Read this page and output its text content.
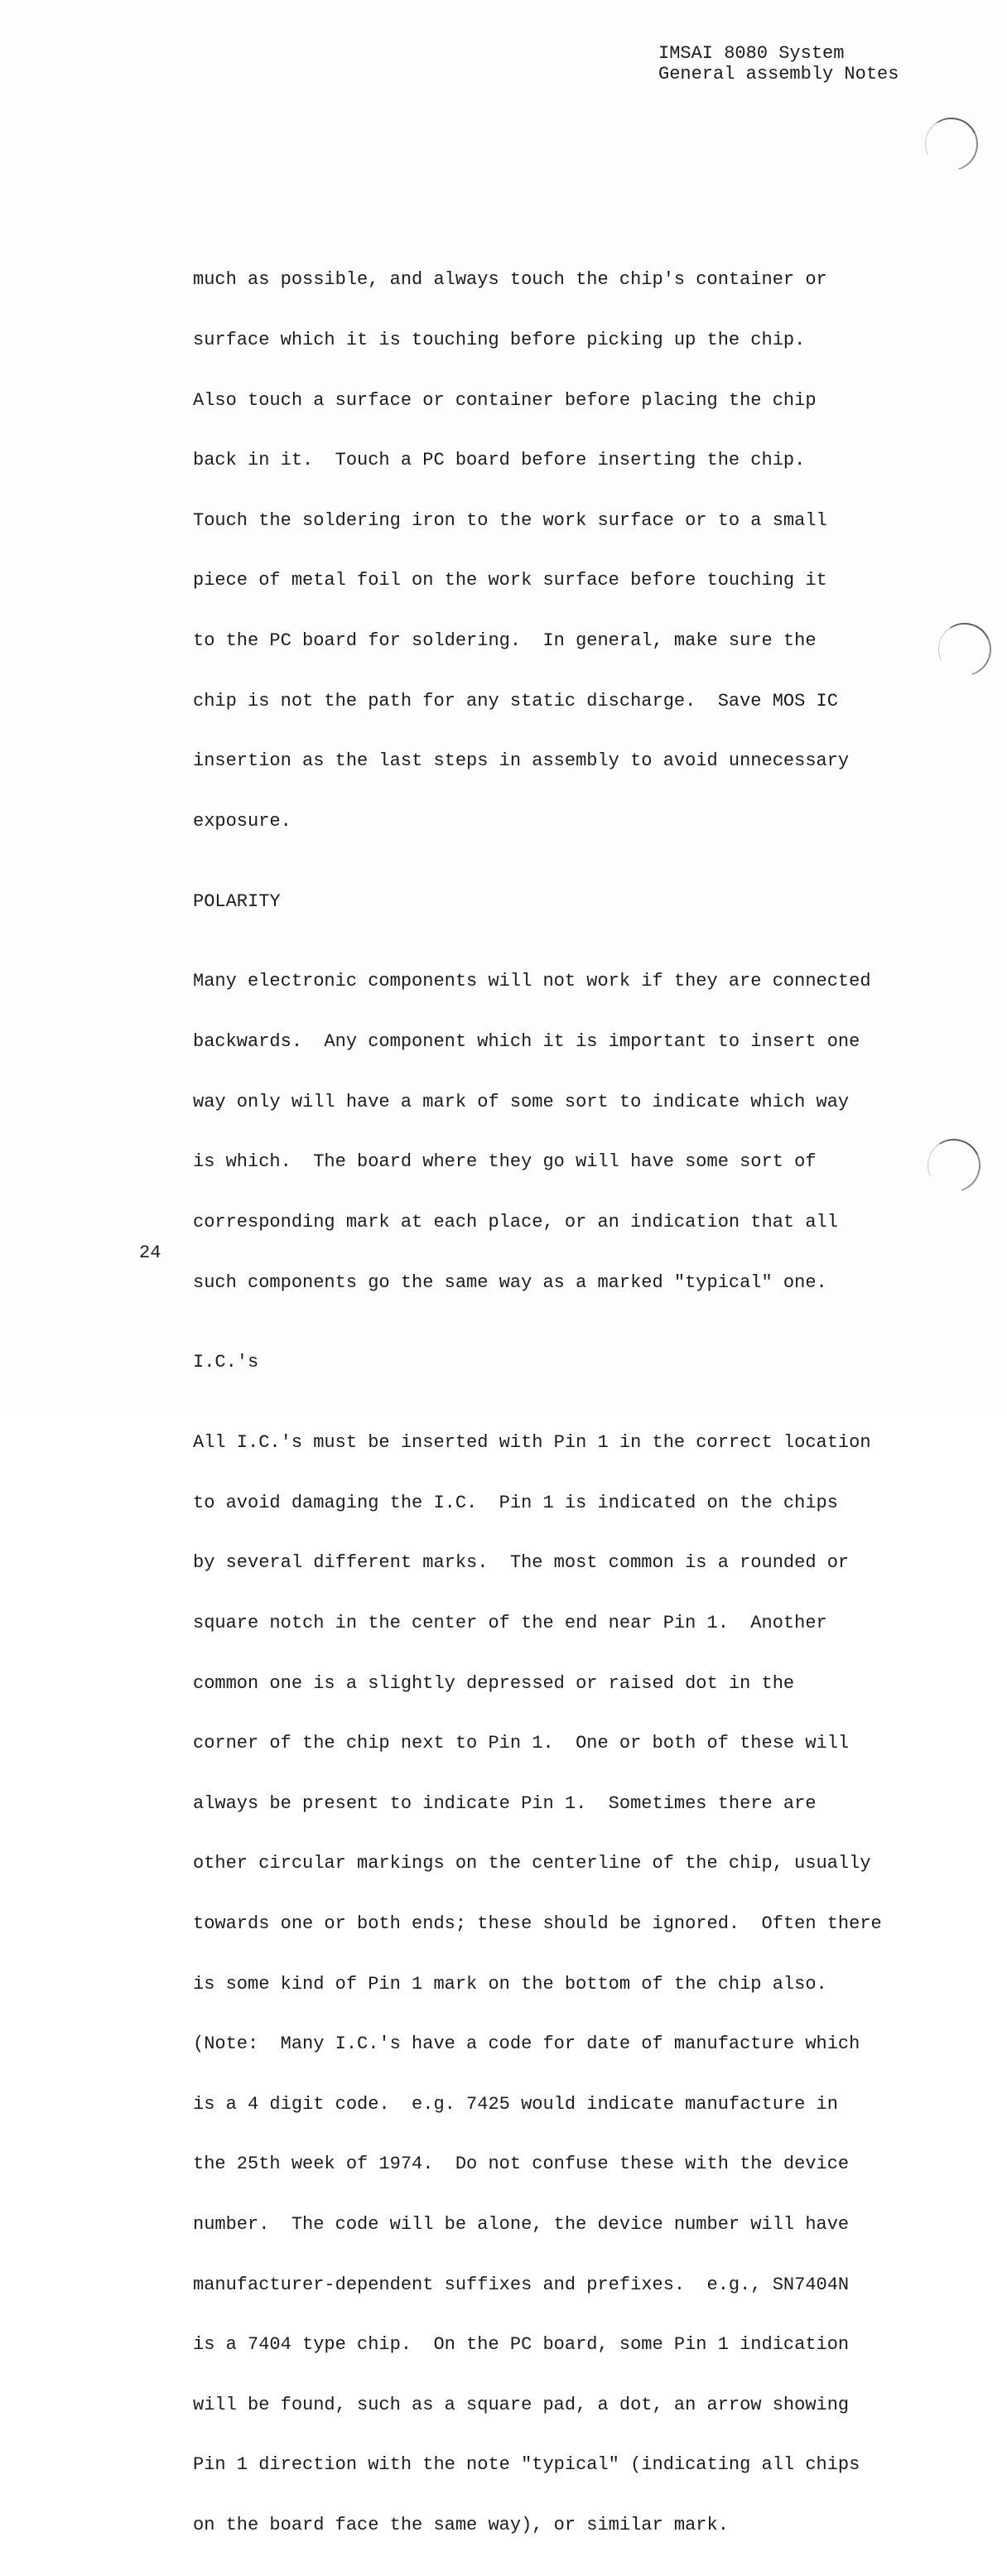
IMSAI 8080 System
General assembly Notes

much as possible, and always touch the chip's container or

surface which it is touching before picking up the chip.

Also touch a surface or container before placing the chip

back in it.  Touch a PC board before inserting the chip.

Touch the soldering iron to the work surface or to a small

piece of metal foil on the work surface before touching it

to the PC board for soldering.  In general, make sure the

chip is not the path for any static discharge.  Save MOS IC

insertion as the last steps in assembly to avoid unnecessary

exposure.

POLARITY

Many electronic components will not work if they are connected

backwards.  Any component which it is important to insert one

way only will have a mark of some sort to indicate which way

is which.  The board where they go will have some sort of

corresponding mark at each place, or an indication that all

such components go the same way as a marked "typical" one.

I.C.'s

All I.C.'s must be inserted with Pin 1 in the correct location

to avoid damaging the I.C.  Pin 1 is indicated on the chips

by several different marks.  The most common is a rounded or

square notch in the center of the end near Pin 1.  Another

common one is a slightly depressed or raised dot in the

corner of the chip next to Pin 1.  One or both of these will

always be present to indicate Pin 1.  Sometimes there are

other circular markings on the centerline of the chip, usually

towards one or both ends; these should be ignored.  Often there

is some kind of Pin 1 mark on the bottom of the chip also.

(Note:  Many I.C.'s have a code for date of manufacture which

is a 4 digit code.  e.g. 7425 would indicate manufacture in

the 25th week of 1974.  Do not confuse these with the device

number.  The code will be alone, the device number will have

manufacturer-dependent suffixes and prefixes.  e.g., SN7404N

is a 7404 type chip.  On the PC board, some Pin 1 indication

will be found, such as a square pad, a dot, an arrow showing

Pin 1 direction with the note "typical" (indicating all chips

on the board face the same way), or similar mark.

24
